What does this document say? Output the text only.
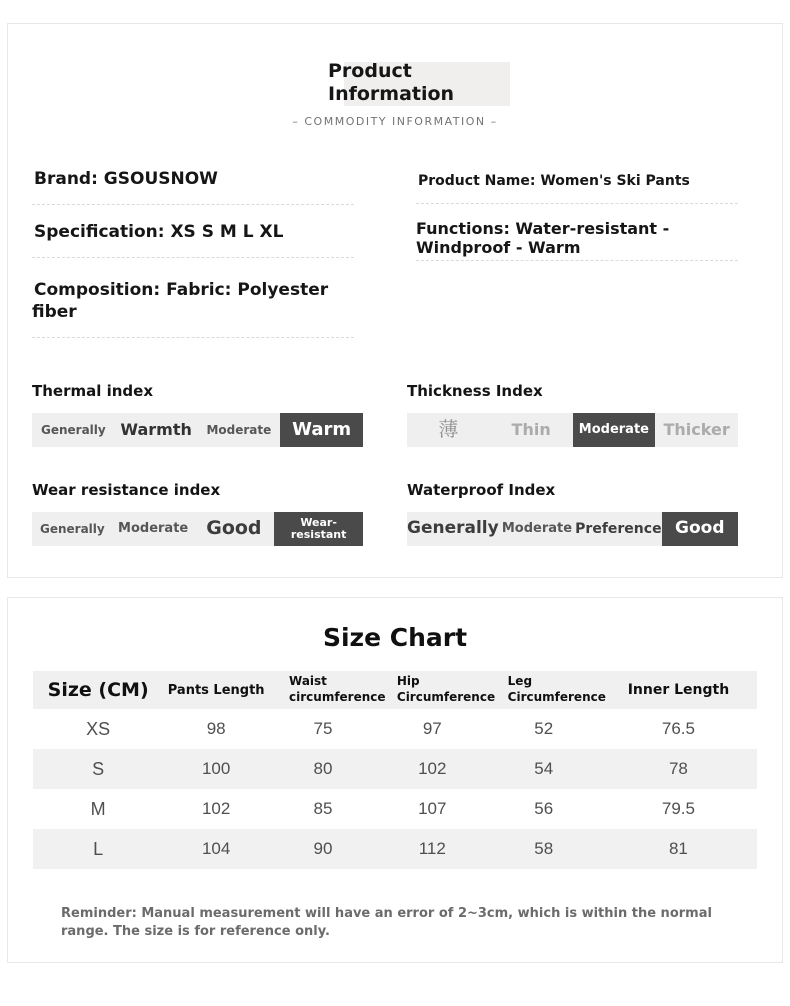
Product Information
– COMMODITY INFORMATION –
Brand: GSOUSNOW
Specification: XS S M L XL
Composition: Fabric: Polyester fiber
Product Name: Women's Ski Pants
Functions: Water-resistant - Windproof - Warm
Thermal index
Generally Warmth	Moderate	Warm
Thickness Index
薄	Thin	Moderate Thicker
Wear resistance index
Generally	Moderate Good	Wear-resistant
Waterproof Index
Generally Moderate Preference Good
Size Chart
Size (CM)	Pants Length	Waist circumference	Hip Circumference	Leg Circumference	Inner Length
XS	98	75	97	52	76.5
S	100	80	102	54	78
M	102	85	107	56	79.5
L	104	90	112	58	81
Reminder: Manual measurement will have an error of 2~3cm, which is within the normal range. The size is for reference only.
